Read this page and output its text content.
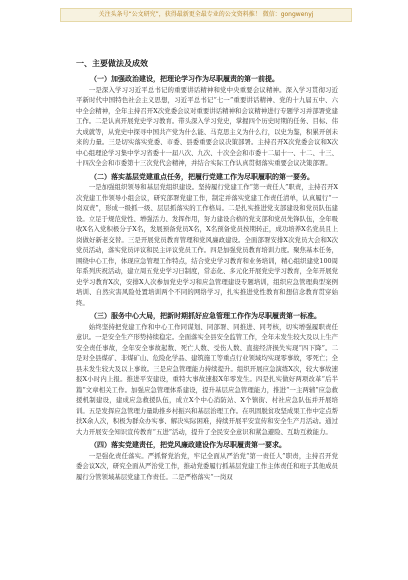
关注头条号“公文研究”，获得最新更全最专业的公文资料推！ 微信：gongwenyj
一、主要做法及成效
（一）加强政治建设，把理论学习作为尽职履责的第一前提。

一是深入学习习近平总书记的重要讲话精神和党中央重要会议精神。深入学习贯彻习近平新时代中国特色社会主义思想，习近平总书记“七一”重要讲话精神、党的十九届五中、六中全会精神，全年主持召开X次党委会议对重要讲话精神和会议精神进行专题学习并部署党建工作。二是认真开展党史学习教育。带头深入学习党史，掌握四个历史时期的任务、目标、伟大成就等，从党史中探寻中国共产党为什么能、马克思主义为什么行，以史为鉴，积累开创未来的力量。三是切实落实党委、市委、县委重要会议决策部署。主持召开X次党委会议和X次中心组理论学习集中学习省委十一届八次、九次、十次全会和市委十二届十一、十二、十三、十四次全会和市委第十三次党代会精神，并结合实际工作认真贯彻落实重要会议决策部署。

（二）落实基层党建重点任务，把履行党建工作为尽职履职的第一要务。

一是加强组织领导和基层党组织建设。坚持履行党建工作“第一责任人”职责，主持召开X次党建工作领导小组会议，研究部署党建工作，制定并落实党建工作责任清单，认真履行“一岗双责”，形成一级抓一级、层层抓落实的工作格局。二是扎实推进党支部建设和党员队伍建设。立足于规范党性、增强活力、发挥作用，努力建设合格的党支部和党员先锋队伍，全年吸收X名入党积极分子X名，发展预备党员X名，X名预备党员按期转正，成功培养X名党员且上岗做好新老交替。三是开展党员教育管理和党风廉政建设。全面部署安排X次党员大会和X次党员活动，落实党员评议和民主评议党员工作。四是加强党员教育培训力度。聚焦基本任务，围绕中心工作，体现应急管理工作特点，结合党史学习教育和业务培训，精心组织建党100周年系列庆祝活动，建立周五党史学习日制度，常态化、多元化开展党史学习教育，全年开展党史学习教育X次，安排X人次参加党史学习和应急管理建设专题培训，组织应急管理典型案例培训、自然灾害风险处置培训两个不同的网络学习，扎实推进党性教育和想信念教育贯穿始终。

（三）服务中心大局，把新时期抓好应急管理工作作为尽职履责第一标准。

始终坚持把党建工作和中心工作同谋划、同部署、同推进、同考核，切实增强履职责任意识。一是安全生产形势持续稳定。全面落实全县安全监管工作，全年未发生较大及以上生产安全责任事故，全年安全事故起数、死亡人数、受伤人数、直接经济损失实现“四下降”。二是对全县煤矿、非煤矿山、危险化学品、建筑施工等重点行业领域均实现零事故，零死亡；全县未发生较大及以上事故。三是应急管理能力持续提升。组织开展应急演练X次，较大事故速报X小时内上报。推进平安建设，重特大事故速报X年零发生。四是扎实做好两项改革“后半篇”文章相关工作。加强应急管理体系建设，提升基层应急管理能力，推进“一主两辅”应急救援机制建设，建成应急救援队伍，成立X个中心消防站、X个镇街、村社应急队伍并开展培训。五是发挥应急管理力量助推乡村振兴和基层治理工作。在巩固脱贫攻坚成果工作中定点帮扶X余人次，积极为群众办实事、解决实际困难，持续开展平安宣传和安全生产月活动。通过大力开展安全知识宣传教育“五进”活动，提升了全民安全意识和紧急避险、互助互救能力。

（四）落实党建责任，把党风廉政建设作为尽职履责第一要求。

一是强化责任落实。严抓督党治党，牢记全面从严治党“第一责任人”职责，主持召开党委会议X次，研究全面从严治党工作，推动党委履行抓基层党建工作主体责任和班子其他成员履行分管领域基层党建工作责任。二是严格落实“一岗双
